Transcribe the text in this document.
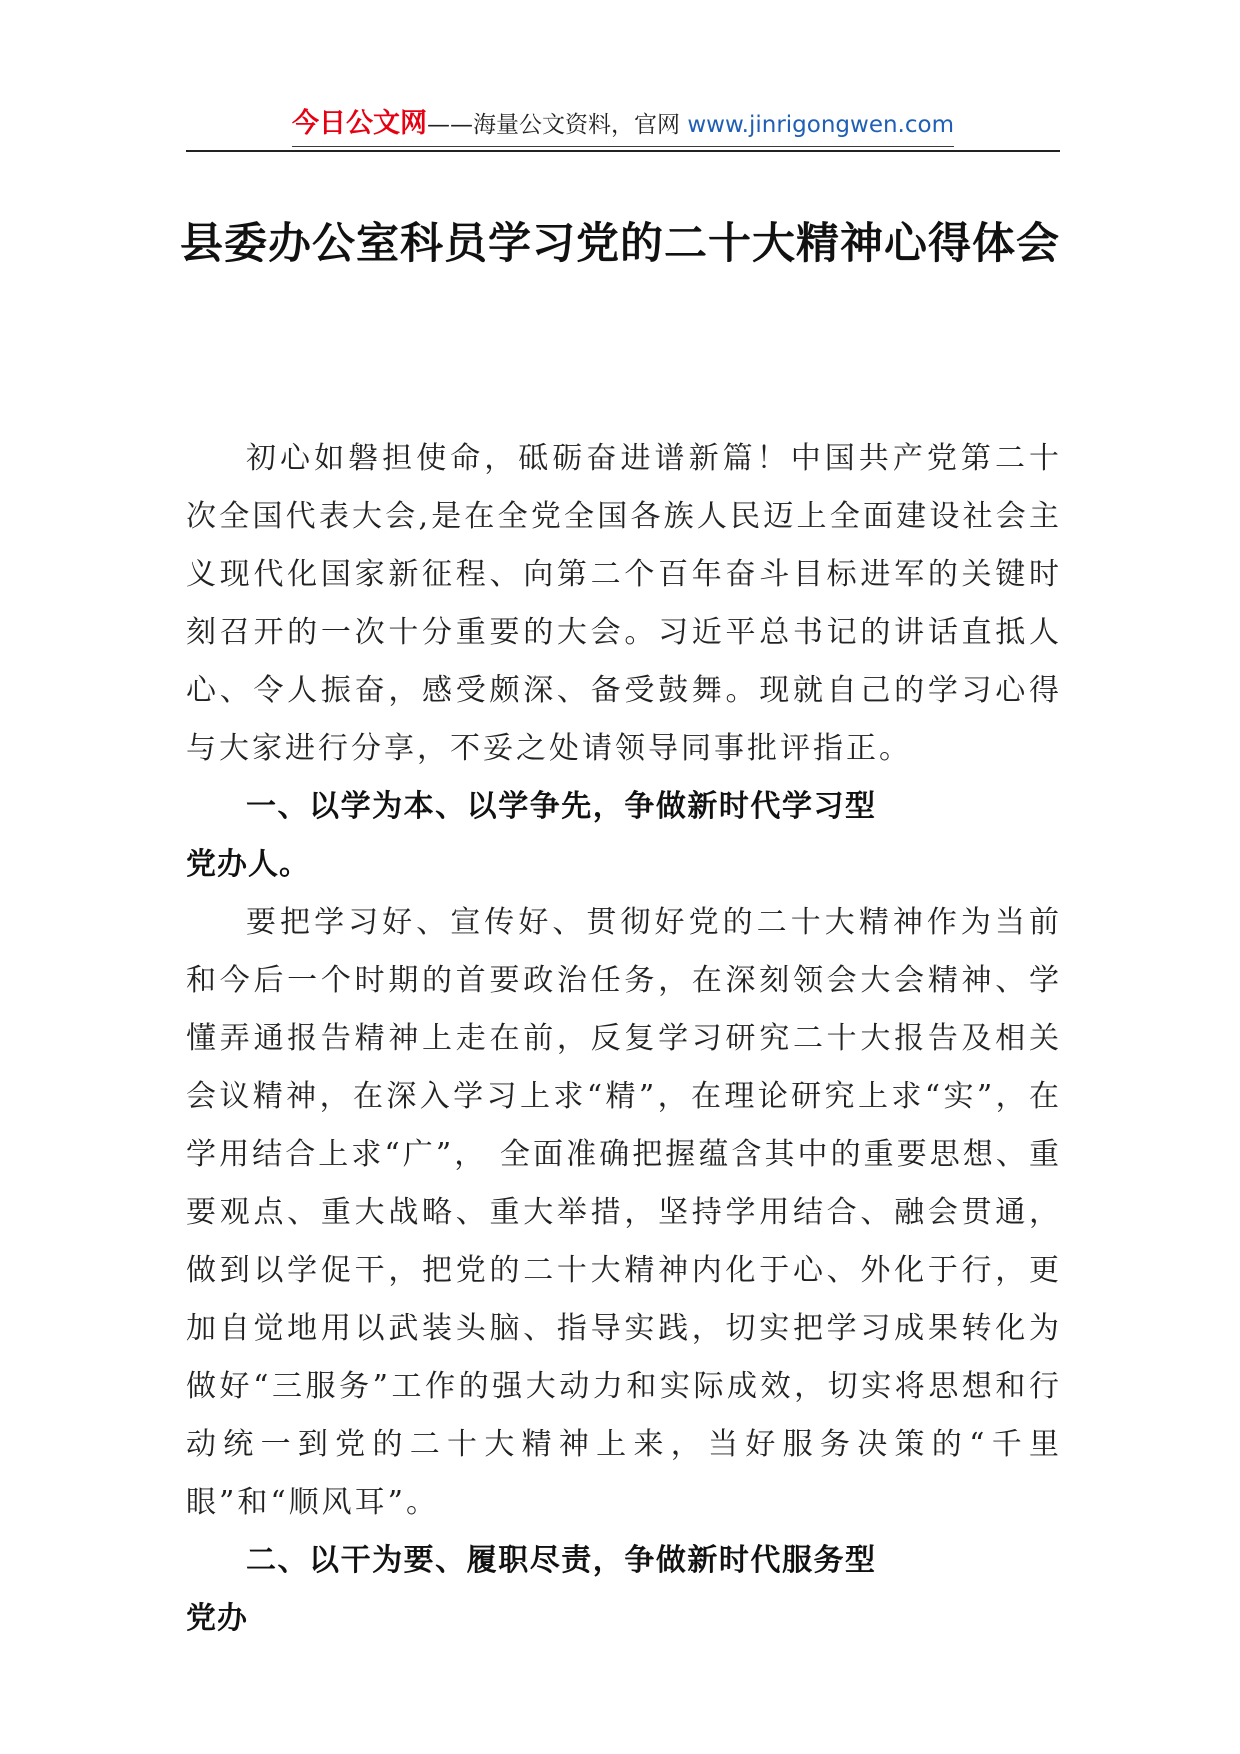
今日公文网——海量公文资料，官网 www.jinrigongwen.com
县委办公室科员学习党的二十大精神心得体会

初心如磐担使命，砥砺奋进谱新篇！中国共产党第二十次全国代表大会,是在全党全国各族人民迈上全面建设社会主义现代化国家新征程、向第二个百年奋斗目标进军的关键时刻召开的一次十分重要的大会。习近平总书记的讲话直抵人心、令人振奋，感受颇深、备受鼓舞。现就自己的学习心得与大家进行分享，不妥之处请领导同事批评指正。

一、以学为本、以学争先，争做新时代学习型党办人。

要把学习好、宣传好、贯彻好党的二十大精神作为当前和今后一个时期的首要政治任务，在深刻领会大会精神、学懂弄通报告精神上走在前，反复学习研究二十大报告及相关会议精神，在深入学习上求“精”，在理论研究上求“实”，在学用结合上求“广”， 全面准确把握蕴含其中的重要思想、重要观点、重大战略、重大举措，坚持学用结合、融会贯通，做到以学促干，把党的二十大精神内化于心、外化于行，更加自觉地用以武装头脑、指导实践，切实把学习成果转化为做好“三服务”工作的强大动力和实际成效，切实将思想和行动统一到党的二十大精神上来，当好服务决策的“千里眼”和“顺风耳”。

二、以干为要、履职尽责，争做新时代服务型党办
